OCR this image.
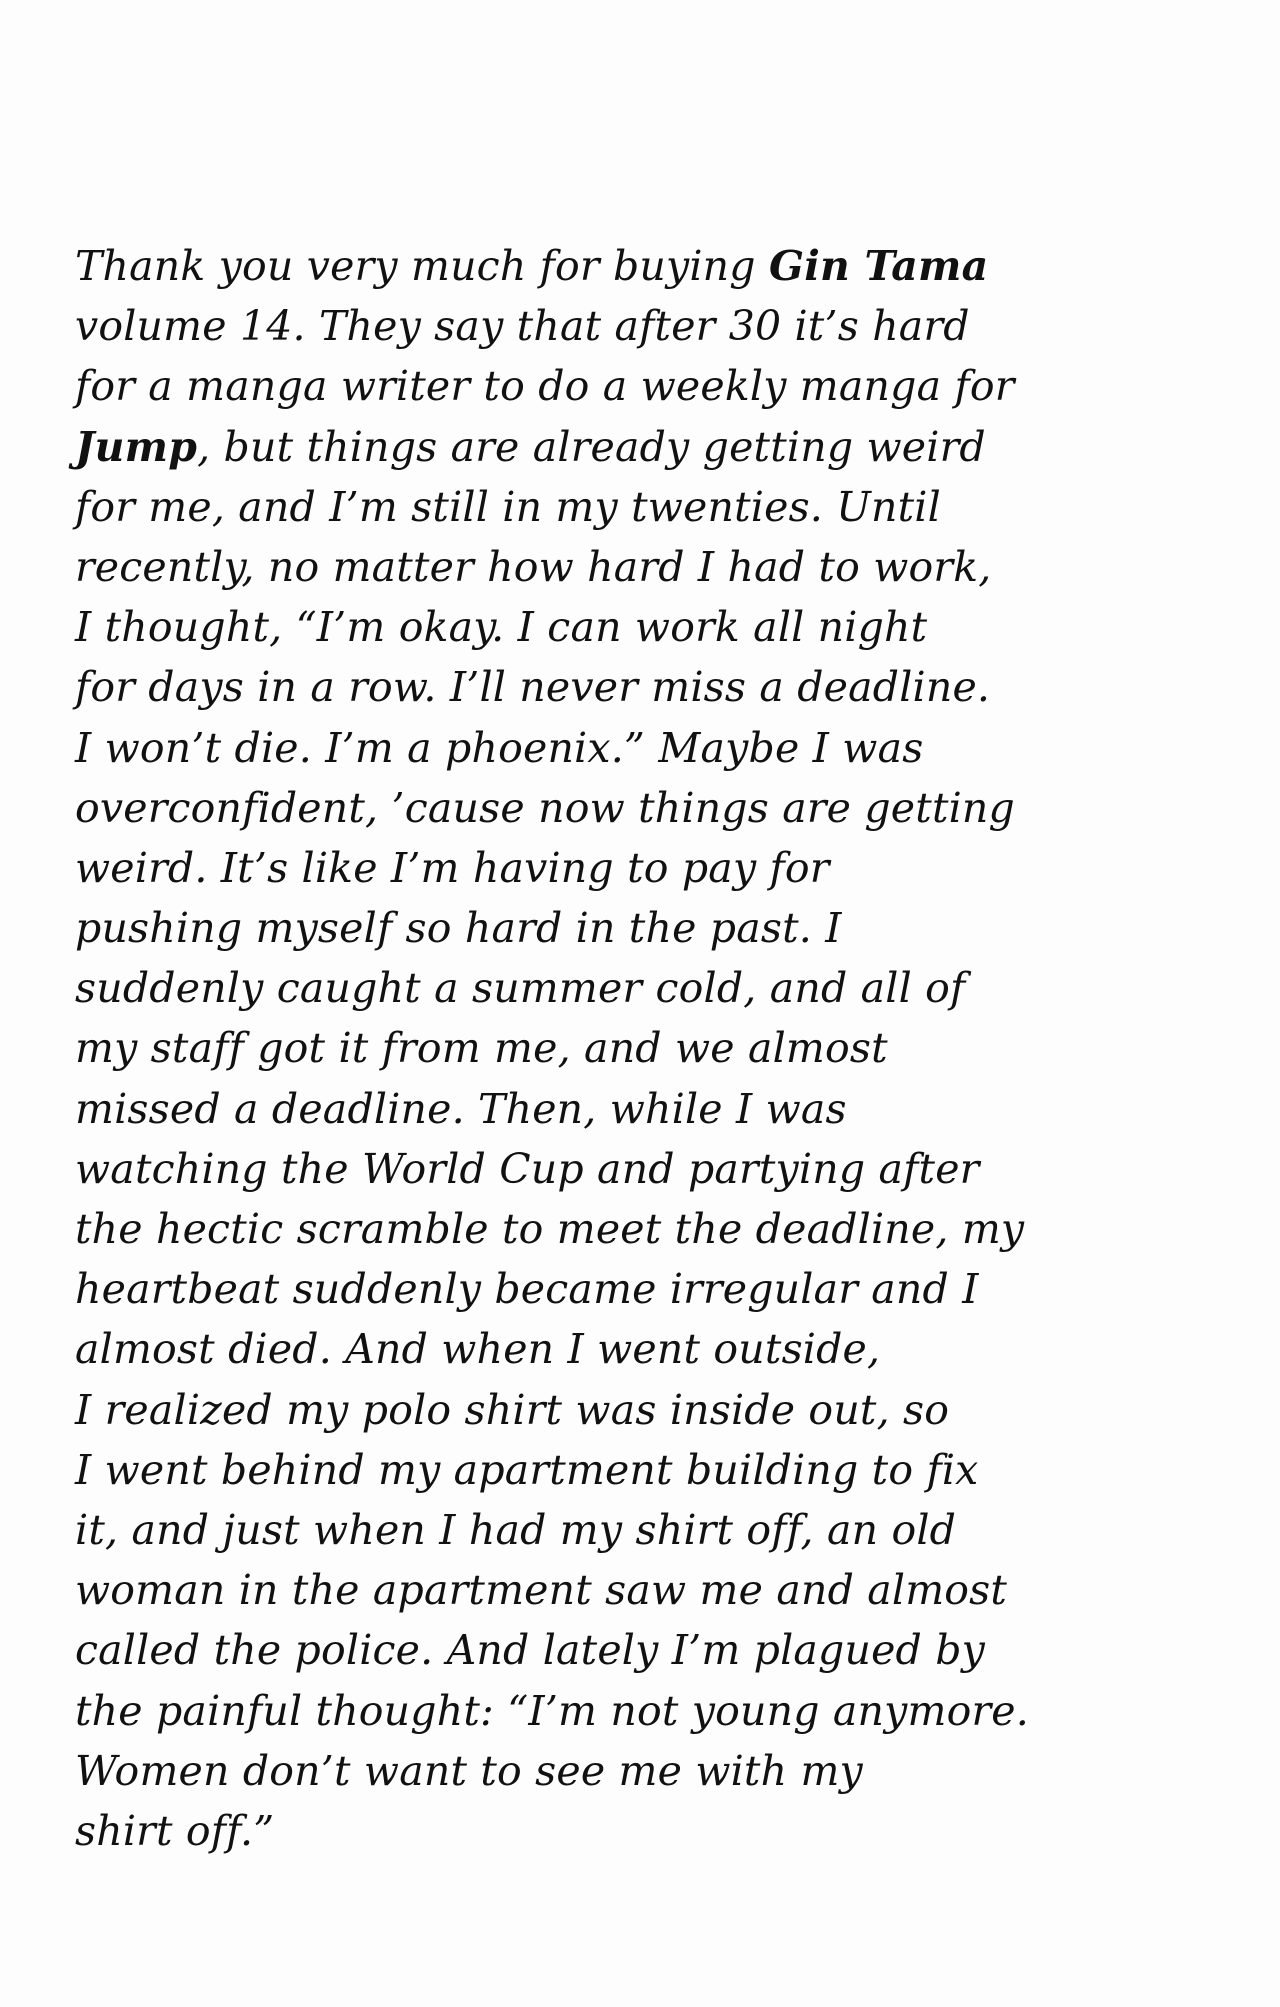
Thank you very much for buying Gin Tama
volume 14. They say that after 30 it’s hard
for a manga writer to do a weekly manga for
Jump, but things are already getting weird
for me, and I’m still in my twenties. Until
recently, no matter how hard I had to work,
I thought, “I’m okay. I can work all night
for days in a row. I’ll never miss a deadline.
I won’t die. I’m a phoenix.” Maybe I was
overconfident, ’cause now things are getting
weird. It’s like I’m having to pay for
pushing myself so hard in the past. I
suddenly caught a summer cold, and all of
my staff got it from me, and we almost
missed a deadline. Then, while I was
watching the World Cup and partying after
the hectic scramble to meet the deadline, my
heartbeat suddenly became irregular and I
almost died. And when I went outside,
I realized my polo shirt was inside out, so
I went behind my apartment building to fix
it, and just when I had my shirt off, an old
woman in the apartment saw me and almost
called the police. And lately I’m plagued by
the painful thought: “I’m not young anymore.
Women don’t want to see me with my
shirt off.”
